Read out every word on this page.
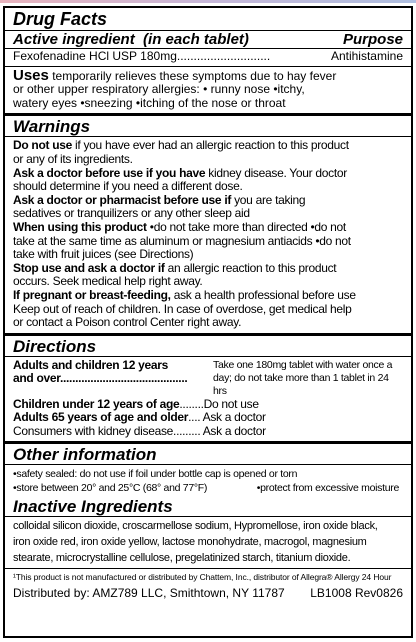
Drug Facts
Active ingredient (in each tablet)	Purpose
Fexofenadine HCl USP 180mg............................	Antihistamine
Uses temporarily relieves these symptoms due to hay fever
or other upper respiratory allergies: • runny nose •itchy,
watery eyes •sneezing •itching of the nose or throat
Warnings
Do not use if you have ever had an allergic reaction to this product
or any of its ingredients.
Ask a doctor before use if you have kidney disease. Your doctor
should determine if you need a different dose.
Ask a doctor or pharmacist before use if you are taking
sedatives or tranquilizers or any other sleep aid
When using this product •do not take more than directed •do not
take at the same time as aluminum or magnesium antiacids •do not
take with fruit juices (see Directions)
Stop use and ask a doctor if an allergic reaction to this product
occurs. Seek medical help right away.
If pregnant or breast-feeding, ask a health professional before use
Keep out of reach of children. In case of overdose, get medical help
or contact a Poison control Center right away.
Directions
Adults and children 12 years
and over..........................................
Take one 180mg tablet with water once a
day; do not take more than 1 tablet in 24 hrs
Children under 12 years of age........Do not use
Adults 65 years of age and older.... Ask a doctor
Consumers with kidney disease......... Ask a doctor
Other information
•safety sealed: do not use if foil under bottle cap is opened or torn
•store between 20° and 25°C (68° and 77°F)	•protect from excessive moisture
Inactive Ingredients
colloidal silicon dioxide, croscarmellose sodium, Hypromellose, iron oxide black,
iron oxide red, iron oxide yellow, lactose monohydrate, macrogol, magnesium
stearate, microcrystalline cellulose, pregelatinized starch, titanium dioxide.
¹This product is not manufactured or distributed by Chattem, Inc., distributor of Allegra® Allergy 24 Hour
Distributed by: AMZ789 LLC, Smithtown, NY 11787 LB1008 Rev0826
